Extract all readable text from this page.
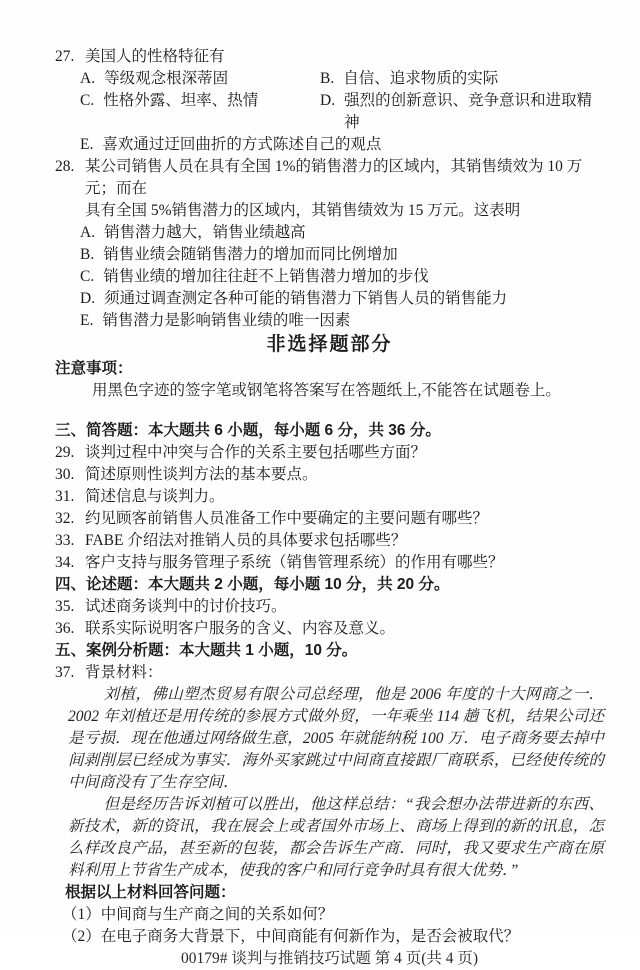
27. 美国人的性格特征有
A. 等级观念根深蒂固	B. 自信、追求物质的实际
C. 性格外露、坦率、热情	D. 强烈的创新意识、竞争意识和进取精神
E. 喜欢通过迂回曲折的方式陈述自己的观点
28. 某公司销售人员在具有全国 1%的销售潜力的区域内，其销售绩效为 10 万元；而在
具有全国 5%销售潜力的区域内，其销售绩效为 15 万元。这表明
A. 销售潜力越大，销售业绩越高
B. 销售业绩会随销售潜力的增加而同比例增加
C. 销售业绩的增加往往赶不上销售潜力增加的步伐
D. 须通过调查测定各种可能的销售潜力下销售人员的销售能力
E. 销售潜力是影响销售业绩的唯一因素
非选择题部分
注意事项：
用黑色字迹的签字笔或钢笔将答案写在答题纸上,不能答在试题卷上。
三、简答题：本大题共 6 小题，每小题 6 分，共 36 分。
29. 谈判过程中冲突与合作的关系主要包括哪些方面？
30. 简述原则性谈判方法的基本要点。
31. 简述信息与谈判力。
32. 约见顾客前销售人员准备工作中要确定的主要问题有哪些？
33. FABE 介绍法对推销人员的具体要求包括哪些？
34. 客户支持与服务管理子系统（销售管理系统）的作用有哪些？
四、论述题：本大题共 2 小题，每小题 10 分，共 20 分。
35. 试述商务谈判中的讨价技巧。
36. 联系实际说明客户服务的含义、内容及意义。
五、案例分析题：本大题共 1 小题，10 分。
37. 背景材料：
刘植，佛山塑杰贸易有限公司总经理，他是 2006 年度的十大网商之一．2002 年刘植还是用传统的参展方式做外贸，一年乘坐 114 趟飞机，结果公司还是亏损．现在他通过网络做生意，2005 年就能纳税 100 万．电子商务要去掉中间剥削层已经成为事实．海外买家跳过中间商直接跟厂商联系，已经使传统的中间商没有了生存空间．
但是经历告诉刘植可以胜出，他这样总结：“我会想办法带进新的东西、新技术，新的资讯，我在展会上或者国外市场上、商场上得到的新的讯息，怎么样改良产品，甚至新的包装，都会告诉生产商．同时，我又要求生产商在原料利用上节省生产成本，使我的客户和同行竞争时具有很大优势．”
根据以上材料回答问题：
（1）中间商与生产商之间的关系如何？
（2）在电子商务大背景下，中间商能有何新作为，是否会被取代？
00179# 谈判与推销技巧试题 第 4 页(共 4 页)
